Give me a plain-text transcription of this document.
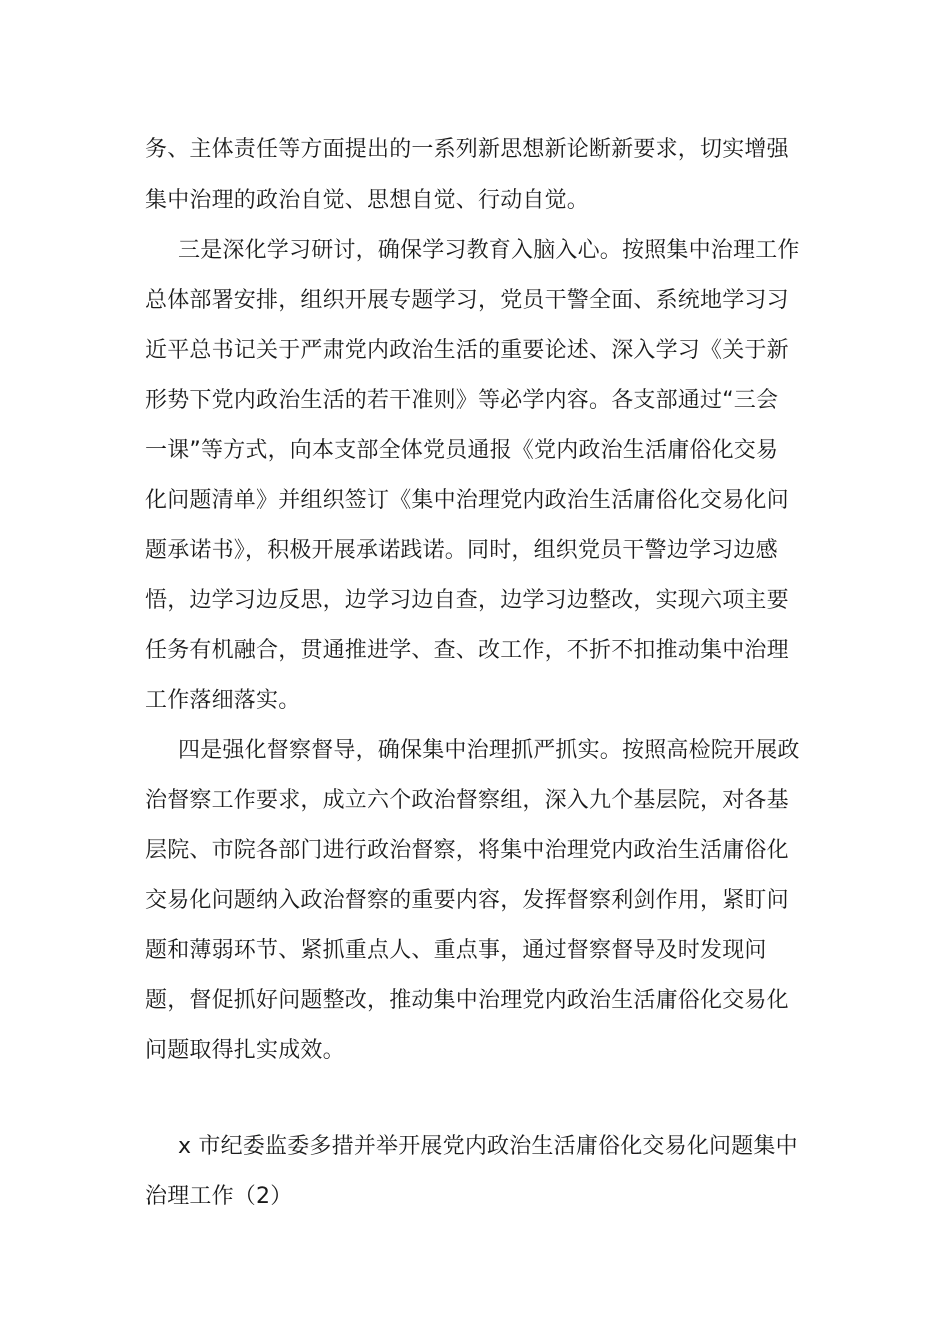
务、主体责任等方面提出的一系列新思想新论断新要求，切实增强
集中治理的政治自觉、思想自觉、行动自觉。
三是深化学习研讨，确保学习教育入脑入心。按照集中治理工作
总体部署安排，组织开展专题学习，党员干警全面、系统地学习习
近平总书记关于严肃党内政治生活的重要论述、深入学习《关于新
形势下党内政治生活的若干准则》等必学内容。各支部通过“三会
一课”等方式，向本支部全体党员通报《党内政治生活庸俗化交易
化问题清单》并组织签订《集中治理党内政治生活庸俗化交易化问
题承诺书》，积极开展承诺践诺。同时，组织党员干警边学习边感
悟，边学习边反思，边学习边自查，边学习边整改，实现六项主要
任务有机融合，贯通推进学、查、改工作，不折不扣推动集中治理
工作落细落实。
四是强化督察督导，确保集中治理抓严抓实。按照高检院开展政
治督察工作要求，成立六个政治督察组，深入九个基层院，对各基
层院、市院各部门进行政治督察，将集中治理党内政治生活庸俗化
交易化问题纳入政治督察的重要内容，发挥督察利剑作用，紧盯问
题和薄弱环节、紧抓重点人、重点事，通过督察督导及时发现问
题，督促抓好问题整改，推动集中治理党内政治生活庸俗化交易化
问题取得扎实成效。
x 市纪委监委多措并举开展党内政治生活庸俗化交易化问题集中
治理工作（2）
